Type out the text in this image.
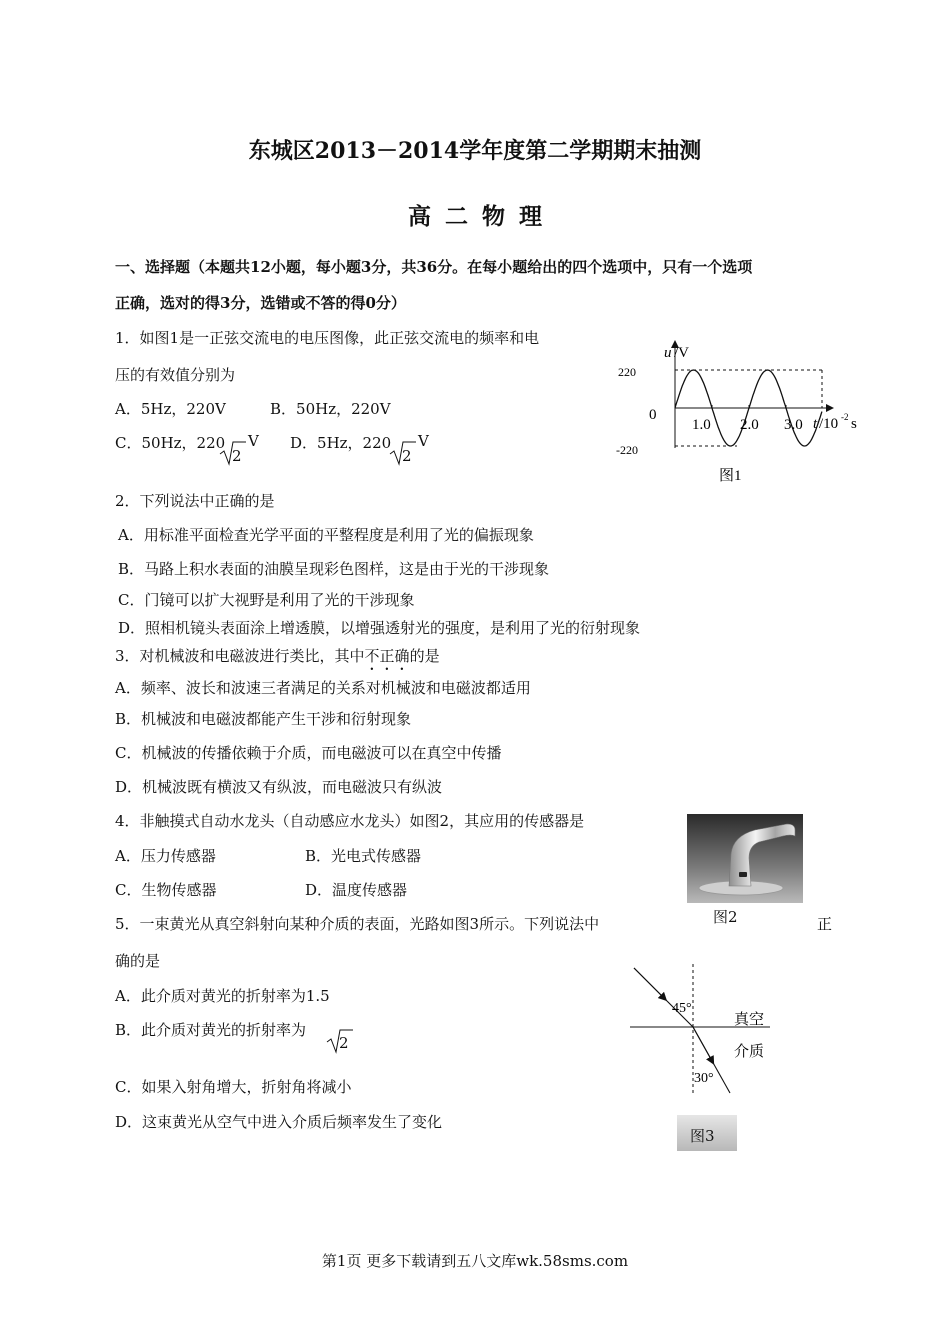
东城区2013－2014学年度第二学期期末抽测
高二物理
一、选择题（本题共12小题，每小题3分，共36分。在每小题给出的四个选项中，只有一个选项
正确，选对的得3分，选错或不答的得0分）
1．如图1是一正弦交流电的电压图像，此正弦交流电的频率和电
压的有效值分别为
A．5Hz，220V	B．50Hz，220V
C．50Hz，220
2
V D．5Hz，220
2
V
u /V
220
-220
0
1.0 2.0 3.0 t /10 -2 s
图1
2．下列说法中正确的是
A．用标准平面检查光学平面的平整程度是利用了光的偏振现象
B．马路上积水表面的油膜呈现彩色图样，这是由于光的干涉现象
C．门镜可以扩大视野是利用了光的干涉现象
D．照相机镜头表面涂上增透膜，以增强透射光的强度，是利用了光的衍射现象
3．对机械波和电磁波进行类比，其中不正确的是
A．频率、波长和波速三者满足的关系对机械波和电磁波都适用
B．机械波和电磁波都能产生干涉和衍射现象
C．机械波的传播依赖于介质，而电磁波可以在真空中传播
D．机械波既有横波又有纵波，而电磁波只有纵波
4．非触摸式自动水龙头（自动感应水龙头）如图2，其应用的传感器是
A．压力传感器	B．光电式传感器
C．生物传感器	D．温度传感器
图2
5．一束黄光从真空斜射向某种介质的表面，光路如图3所示。下列说法中	正
确的是
A．此介质对黄光的折射率为1.5
B．此介质对黄光的折射率为
2
C．如果入射角增大，折射角将减小
D．这束黄光从空气中进入介质后频率发生了变化
45°
30°
真空
介质
图3
第1页 更多下载请到五八文库wk.58sms.com
